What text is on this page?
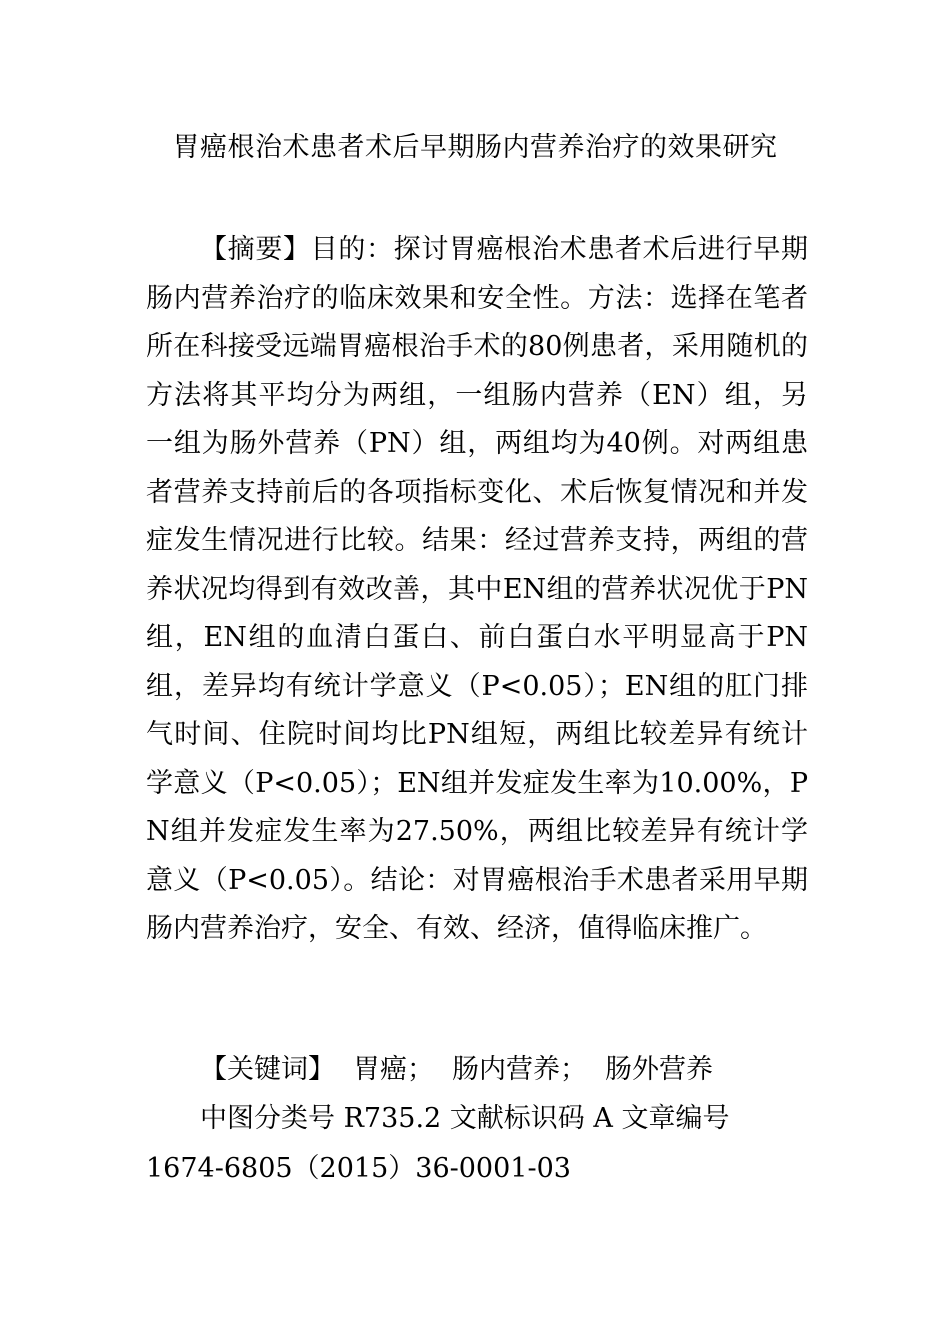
胃癌根治术患者术后早期肠内营养治疗的效果研究

【摘要】目的：探讨胃癌根治术患者术后进行早期肠内营养治疗的临床效果和安全性。方法：选择在笔者所在科接受远端胃癌根治手术的80例患者，采用随机的方法将其平均分为两组，一组肠内营养（EN）组，另一组为肠外营养（PN）组，两组均为40例。对两组患者营养支持前后的各项指标变化、术后恢复情况和并发症发生情况进行比较。结果：经过营养支持，两组的营养状况均得到有效改善，其中EN组的营养状况优于PN组，EN组的血清白蛋白、前白蛋白水平明显高于PN组，差异均有统计学意义（P<0.05）；EN组的肛门排气时间、住院时间均比PN组短，两组比较差异有统计学意义（P<0.05）；EN组并发症发生率为10.00%，PN组并发症发生率为27.50%，两组比较差异有统计学意义（P<0.05）。结论：对胃癌根治手术患者采用早期肠内营养治疗，安全、有效、经济，值得临床推广。

【关键词】 胃癌； 肠内营养； 肠外营养

中图分类号 R735.2 文献标识码 A 文章编号 1674-6805（2015）36-0001-03
